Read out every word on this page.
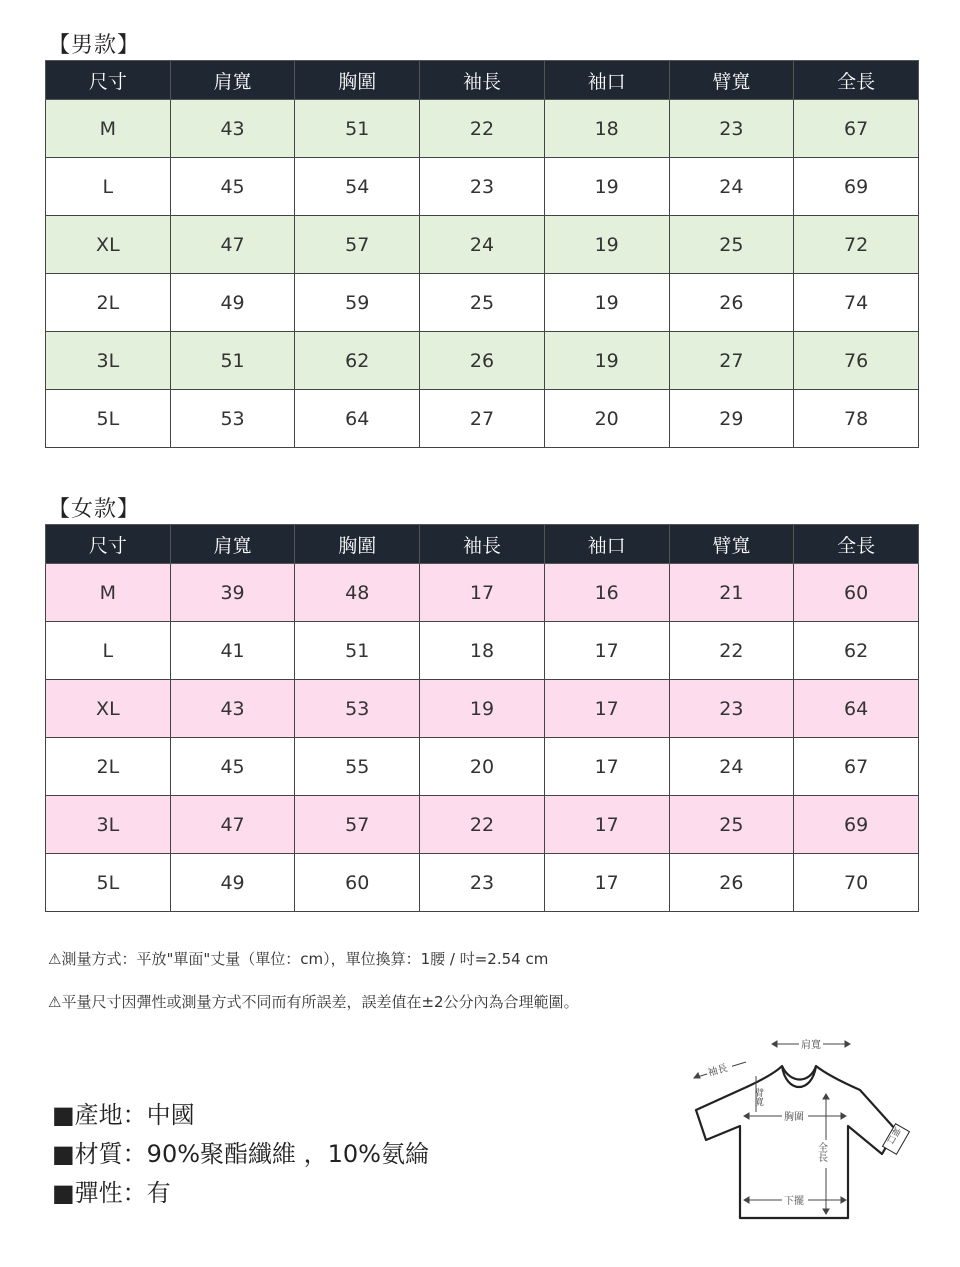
【男款】
尺寸	肩寬	胸圍	袖長	袖口	臂寬	全長
M	43	51	22	18	23	67
L	45	54	23	19	24	69
XL	47	57	24	19	25	72
2L	49	59	25	19	26	74
3L	51	62	26	19	27	76
5L	53	64	27	20	29	78
【女款】
尺寸	肩寬	胸圍	袖長	袖口	臂寬	全長
M	39	48	17	16	21	60
L	41	51	18	17	22	62
XL	43	53	19	17	23	64
2L	45	55	20	17	24	67
3L	47	57	22	17	25	69
5L	49	60	23	17	26	70
⚠測量方式：平放"單面"丈量（單位：cm），單位換算：1腰 / 吋=2.54 cm
⚠平量尺寸因彈性或測量方式不同而有所誤差，誤差值在±2公分內為合理範圍。
■產地：中國
■材質：90%聚酯纖維 ，10%氨綸
■彈性：有
肩寬
袖長
臂寬
胸圍
全長
下擺
袖口
